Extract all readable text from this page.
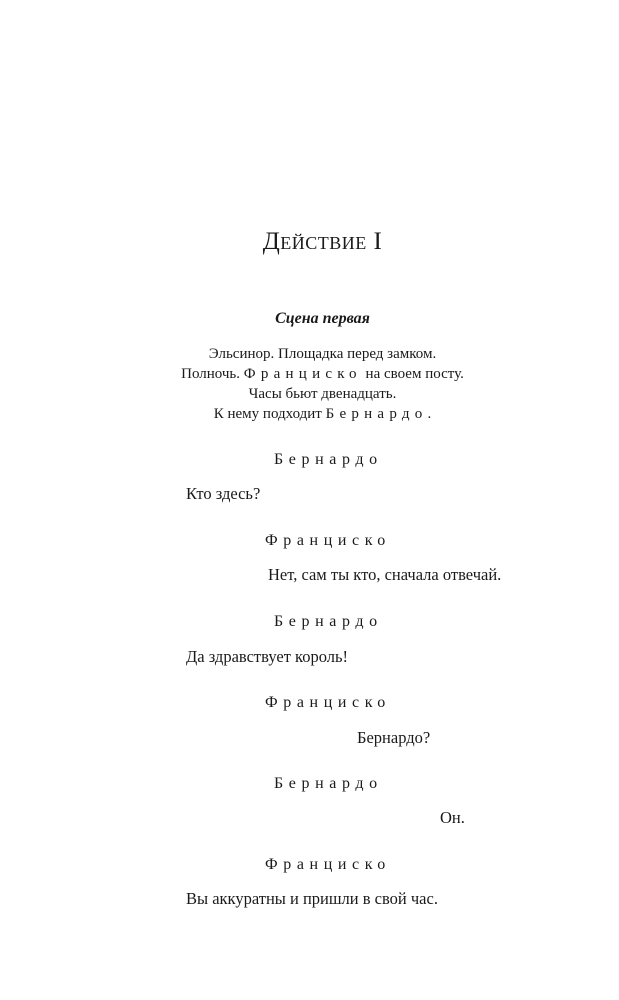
Действие I
Сцена первая
Эльсинор. Площадка перед замком.
Полночь. Франциско на своем посту.
Часы бьют двенадцать.
К нему подходит Бернардо.
Бернардо
Кто здесь?
Франциско
Нет, сам ты кто, сначала отвечай.
Бернардо
Да здравствует король!
Франциско
Бернардо?
Бернардо
Он.
Франциско
Вы аккуратны и пришли в свой час.
